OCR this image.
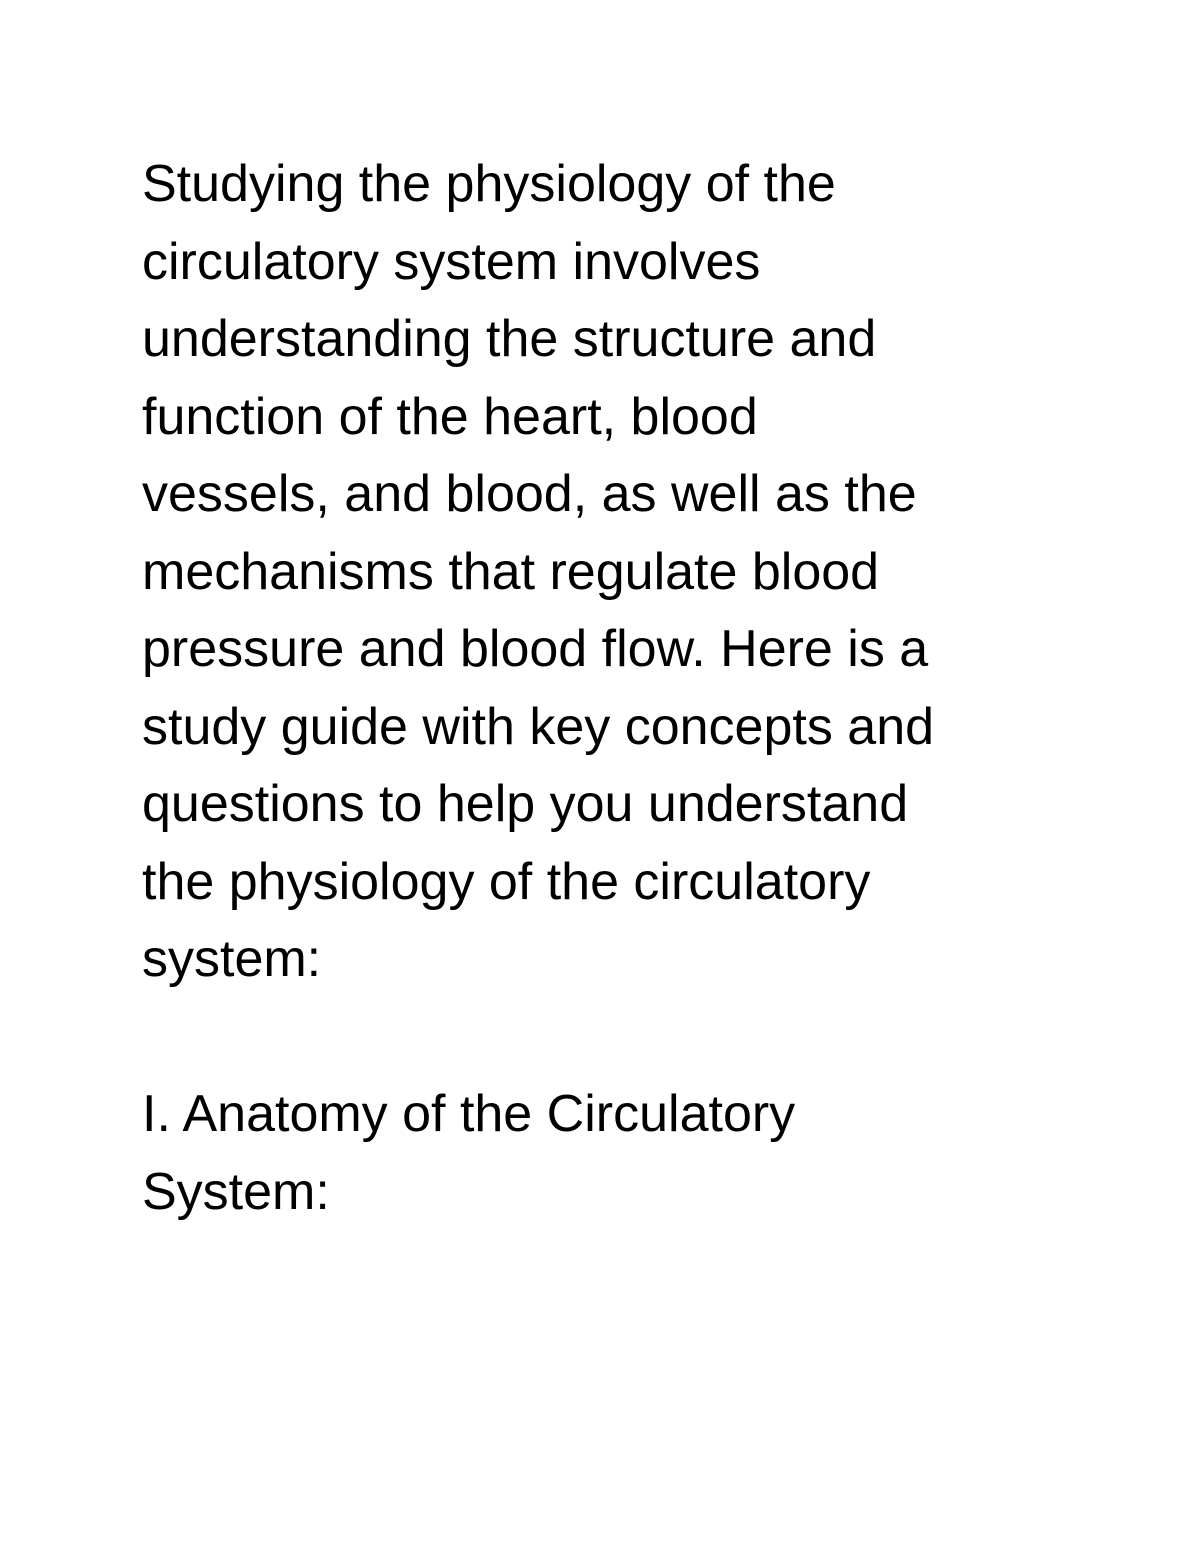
Studying the physiology of the
circulatory system involves
understanding the structure and
function of the heart, blood
vessels, and blood, as well as the
mechanisms that regulate blood
pressure and blood flow. Here is a
study guide with key concepts and
questions to help you understand
the physiology of the circulatory
system:
I. Anatomy of the Circulatory
System:
